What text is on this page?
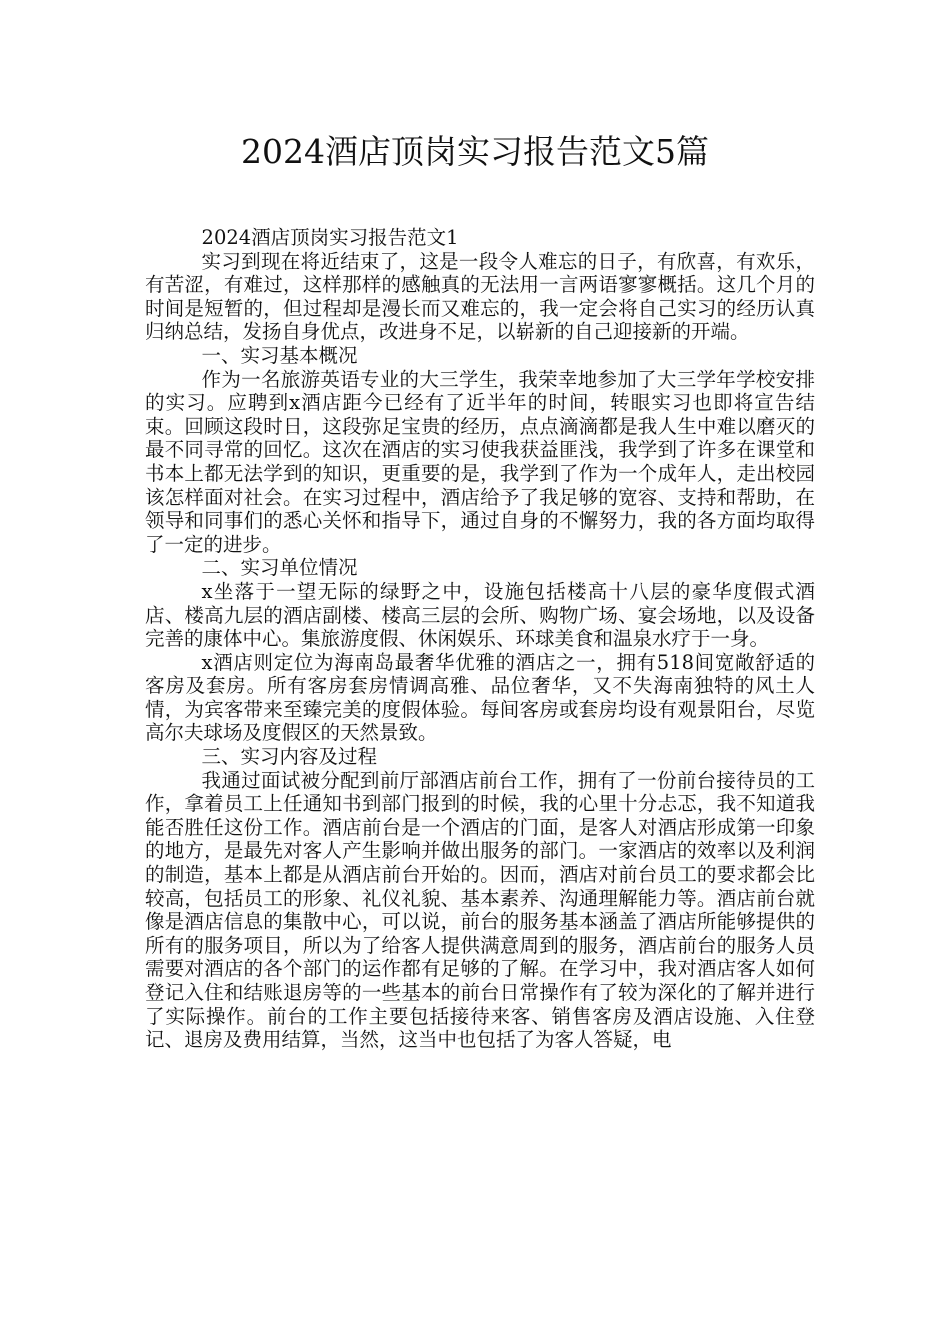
2024酒店顶岗实习报告范文5篇

2024酒店顶岗实习报告范文1

实习到现在将近结束了，这是一段令人难忘的日子，有欣喜，有欢乐，有苦涩，有难过，这样那样的感触真的无法用一言两语寥寥概括。这几个月的时间是短暂的，但过程却是漫长而又难忘的，我一定会将自己实习的经历认真归纳总结，发扬自身优点，改进身不足，以崭新的自己迎接新的开端。

一、实习基本概况

作为一名旅游英语专业的大三学生，我荣幸地参加了大三学年学校安排的实习。应聘到x酒店距今已经有了近半年的时间，转眼实习也即将宣告结束。回顾这段时日，这段弥足宝贵的经历，点点滴滴都是我人生中难以磨灭的最不同寻常的回忆。这次在酒店的实习使我获益匪浅，我学到了许多在课堂和书本上都无法学到的知识，更重要的是，我学到了作为一个成年人，走出校园该怎样面对社会。在实习过程中，酒店给予了我足够的宽容、支持和帮助，在领导和同事们的悉心关怀和指导下，通过自身的不懈努力，我的各方面均取得了一定的进步。

二、实习单位情况

x坐落于一望无际的绿野之中，设施包括楼高十八层的豪华度假式酒店、楼高九层的酒店副楼、楼高三层的会所、购物广场、宴会场地，以及设备完善的康体中心。集旅游度假、休闲娱乐、环球美食和温泉水疗于一身。

x酒店则定位为海南岛最奢华优雅的酒店之一，拥有518间宽敞舒适的客房及套房。所有客房套房情调高雅、品位奢华，又不失海南独特的风土人情，为宾客带来至臻完美的度假体验。每间客房或套房均设有观景阳台，尽览高尔夫球场及度假区的天然景致。

三、实习内容及过程

我通过面试被分配到前厅部酒店前台工作，拥有了一份前台接待员的工作，拿着员工上任通知书到部门报到的时候，我的心里十分忐忑，我不知道我能否胜任这份工作。酒店前台是一个酒店的门面，是客人对酒店形成第一印象的地方，是最先对客人产生影响并做出服务的部门。一家酒店的效率以及利润的制造，基本上都是从酒店前台开始的。因而，酒店对前台员工的要求都会比较高，包括员工的形象、礼仪礼貌、基本素养、沟通理解能力等。酒店前台就像是酒店信息的集散中心，可以说，前台的服务基本涵盖了酒店所能够提供的所有的服务项目，所以为了给客人提供满意周到的服务，酒店前台的服务人员需要对酒店的各个部门的运作都有足够的了解。在学习中，我对酒店客人如何登记入住和结账退房等的一些基本的前台日常操作有了较为深化的了解并进行了实际操作。前台的工作主要包括接待来客、销售客房及酒店设施、入住登记、退房及费用结算，当然，这当中也包括了为客人答疑，电
